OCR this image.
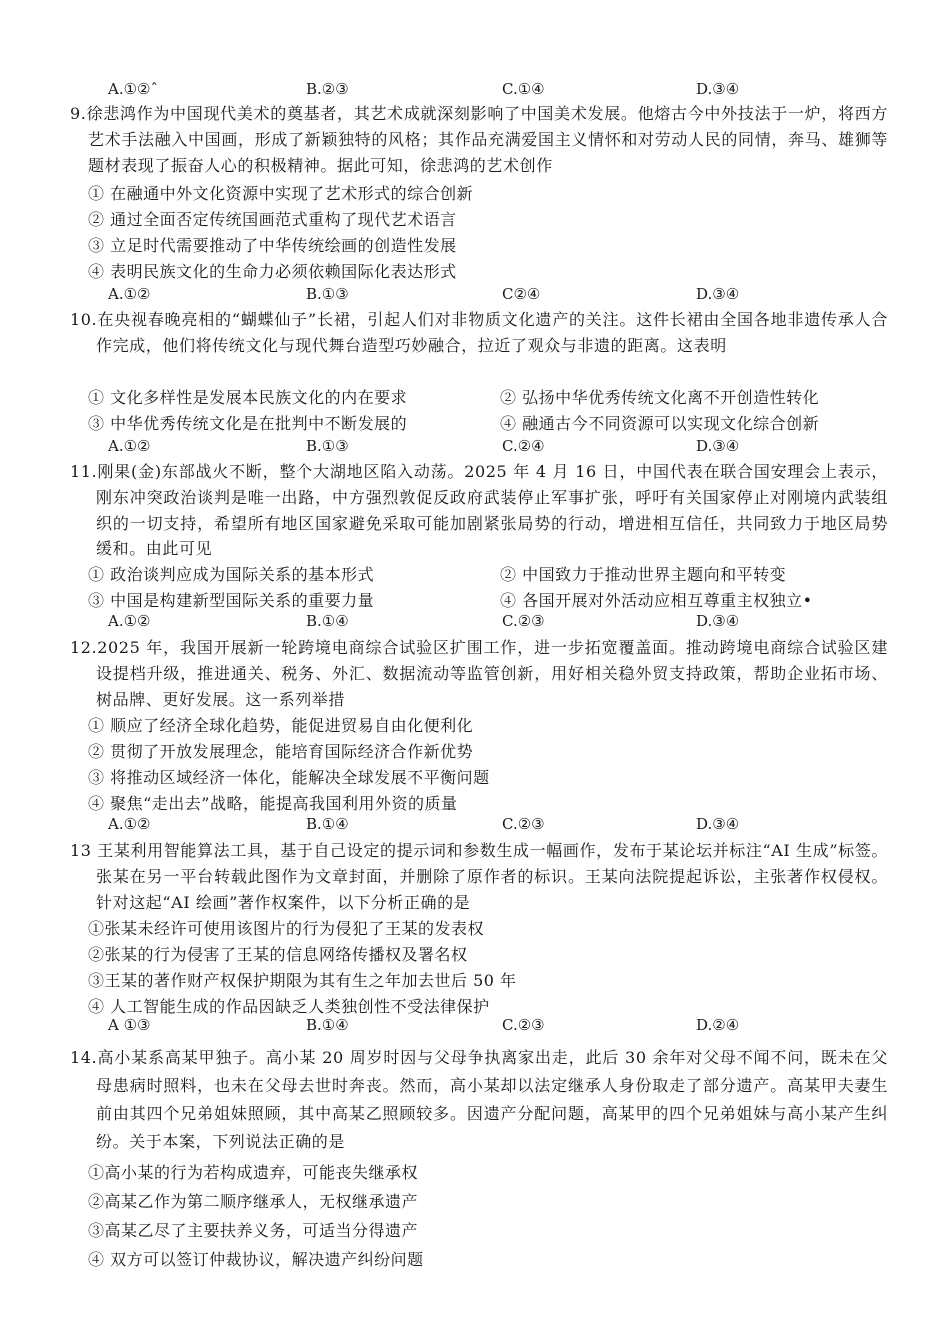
A.①②ˆ	B.②③	C.①④	D.③④

9.徐悲鸿作为中国现代美术的奠基者，其艺术成就深刻影响了中国美术发展。他熔古今中外技法于一炉，将西方艺术手法融入中国画，形成了新颖独特的风格；其作品充满爱国主义情怀和对劳动人民的同情，奔马、雄狮等题材表现了振奋人心的积极精神。据此可知，徐悲鸿的艺术创作

① 在融通中外文化资源中实现了艺术形式的综合创新
② 通过全面否定传统国画范式重构了现代艺术语言
③ 立足时代需要推动了中华传统绘画的创造性发展
④ 表明民族文化的生命力必须依赖国际化表达形式
A.①②	B.①③	C②④	D.③④

10.在央视春晚亮相的“蝴蝶仙子”长裙，引起人们对非物质文化遗产的关注。这件长裙由全国各地非遗传承人合作完成，他们将传统文化与现代舞台造型巧妙融合，拉近了观众与非遗的距离。这表明

① 文化多样性是发展本民族文化的内在要求	② 弘扬中华优秀传统文化离不开创造性转化
③ 中华优秀传统文化是在批判中不断发展的	④ 融通古今不同资源可以实现文化综合创新
A.①②	B.①③	C.②④	D.③④

11.刚果(金)东部战火不断，整个大湖地区陷入动荡。2025 年 4 月 16 日，中国代表在联合国安理会上表示，刚东冲突政治谈判是唯一出路，中方强烈敦促反政府武装停止军事扩张，呼吁有关国家停止对刚境内武装组织的一切支持，希望所有地区国家避免采取可能加剧紧张局势的行动，增进相互信任，共同致力于地区局势缓和。由此可见

① 政治谈判应成为国际关系的基本形式	② 中国致力于推动世界主题向和平转变
③ 中国是构建新型国际关系的重要力量	④ 各国开展对外活动应相互尊重主权独立•
A.①②	B.①④	C.②③	D.③④

12.2025 年，我国开展新一轮跨境电商综合试验区扩围工作，进一步拓宽覆盖面。推动跨境电商综合试验区建设提档升级，推进通关、税务、外汇、数据流动等监管创新，用好相关稳外贸支持政策，帮助企业拓市场、树品牌、更好发展。这一系列举措

① 顺应了经济全球化趋势，能促进贸易自由化便利化
② 贯彻了开放发展理念，能培育国际经济合作新优势
③ 将推动区域经济一体化，能解决全球发展不平衡问题
④ 聚焦“走出去”战略，能提高我国利用外资的质量
A.①②	B.①④	C.②③	D.③④

13 王某利用智能算法工具，基于自己设定的提示词和参数生成一幅画作，发布于某论坛并标注“AI 生成”标签。张某在另一平台转载此图作为文章封面，并删除了原作者的标识。王某向法院提起诉讼，主张著作权侵权。针对这起“AI 绘画”著作权案件，以下分析正确的是

①张某未经许可使用该图片的行为侵犯了王某的发表权
②张某的行为侵害了王某的信息网络传播权及署名权
③王某的著作财产权保护期限为其有生之年加去世后 50 年
④ 人工智能生成的作品因缺乏人类独创性不受法律保护
A ①③	B.①④	C.②③	D.②④

14.高小某系高某甲独子。高小某 20 周岁时因与父母争执离家出走，此后 30 余年对父母不闻不问，既未在父母患病时照料，也未在父母去世时奔丧。然而，高小某却以法定继承人身份取走了部分遗产。高某甲夫妻生前由其四个兄弟姐妹照顾，其中高某乙照顾较多。因遗产分配问题，高某甲的四个兄弟姐妹与高小某产生纠纷。关于本案，下列说法正确的是

①高小某的行为若构成遗弃，可能丧失继承权
②高某乙作为第二顺序继承人，无权继承遗产
③高某乙尽了主要扶养义务，可适当分得遗产
④ 双方可以签订仲裁协议，解决遗产纠纷问题
